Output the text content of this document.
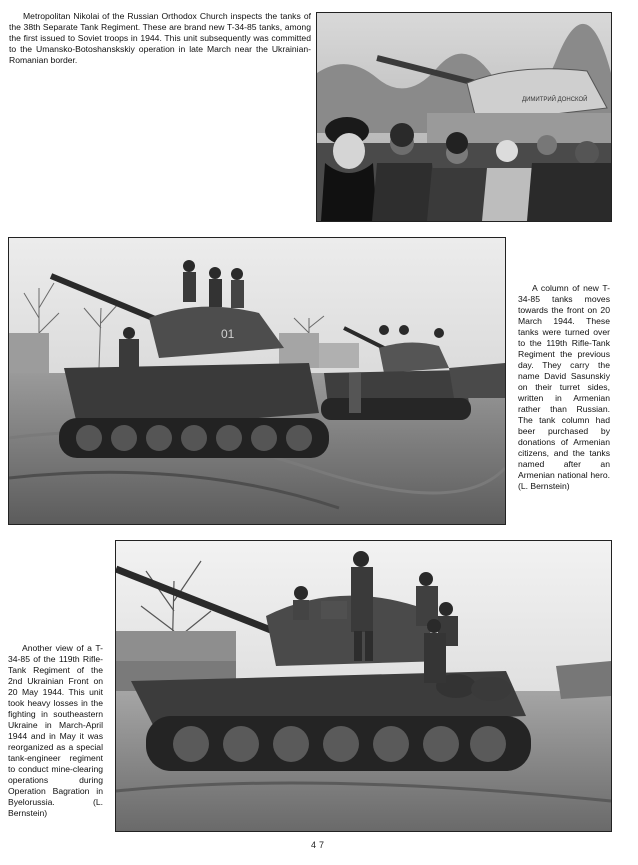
Metropolitan Nikolai of the Russian Orthodox Church inspects the tanks of the 38th Separate Tank Regiment. These are brand new T-34-85 tanks, among the first issued to Soviet troops in 1944. This unit subsequently was committed to the Umansko-Botoshanskskiy operation in late March near the Ukrainian-Romanian border.

ДИМИТРИЙ ДОНСКОЙ
01

A column of new T-34-85 tanks moves towards the front on 20 March 1944. These tanks were turned over to the 119th Rifle-Tank Regiment the previous day. They carry the name David Sasunskiy on their turret sides, written in Armenian rather than Russian. The tank column had beer purchased by donations of Armenian citizens, and the tanks named after an Armenian national hero. (L. Bernstein)

Another view of a T-34-85 of the 119th Rifle-Tank Regiment of the 2nd Ukrainian Front on 20 May 1944. This unit took heavy losses in the fighting in southeastern Ukraine in March-April 1944 and in May it was reorganized as a special tank-engineer regiment to conduct mine-clearing operations during Operation Bagration in Byelorussia. (L. Bernstein)

47
